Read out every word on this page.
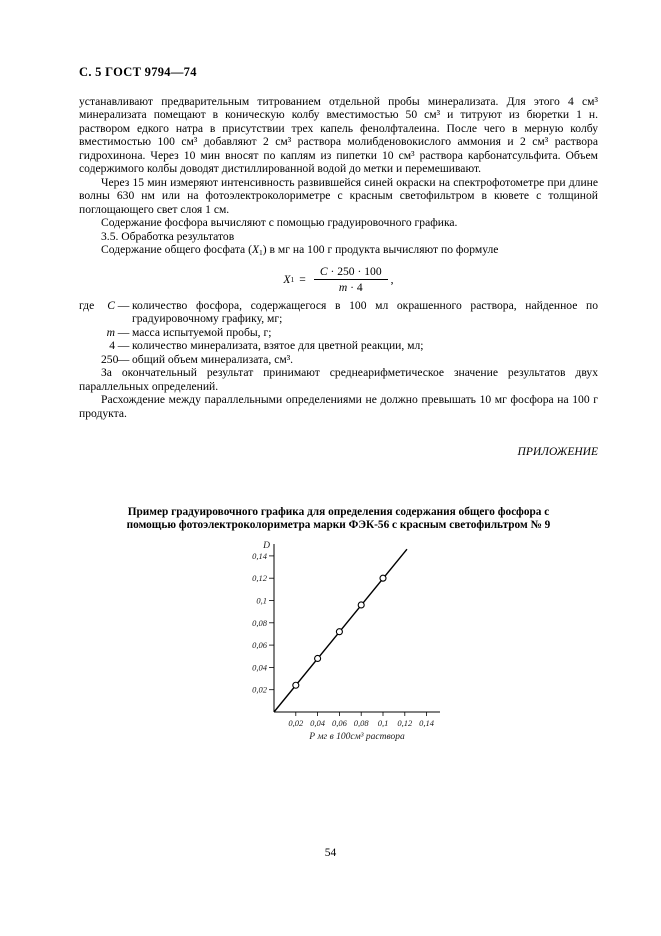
С. 5 ГОСТ 9794—74

устанавливают предварительным титрованием отдельной пробы минерализата. Для этого 4 см³ минерализата помещают в коническую колбу вместимостью 50 см³ и титруют из бюретки 1 н. раствором едкого натра в присутствии трех капель фенолфталеина. После чего в мерную колбу вместимостью 100 см³ добавляют 2 см³ раствора молибденовокислого аммония и 2 см³ раствора гидрохинона. Через 10 мин вносят по каплям из пипетки 10 см³ раствора карбонатсульфита. Объем содержимого колбы доводят дистиллированной водой до метки и перемешивают.

Через 15 мин измеряют интенсивность развившейся синей окраски на спектрофотометре при длине волны 630 нм или на фотоэлектроколориметре с красным светофильтром в кювете с толщиной поглощающего свет слоя 1 см.

Содержание фосфора вычисляют с помощью градуировочного графика.

3.5. Обработка результатов

Содержание общего фосфата $(X_1)$ в мг на 100 г продукта вычисляют по формуле

X $1 = \frac{C \cdot 250 \cdot 100}{m \cdot 4}$ ,
где	С — количество фосфора, содержащегося в 100 мл окрашенного раствора, найденное по градуировочному графику, мг;
m — масса испытуемой пробы, г;
4 — количество минерализата, взятое для цветной реакции, мл;
250 — общий объем минерализата, см³.

За окончательный результат принимают среднеарифметическое значение результатов двух параллельных определений.

Расхождение между параллельными определениями не должно превышать 10 мг фосфора на 100 г продукта.

ПРИЛОЖЕНИЕ
Пример градуировочного графика для определения содержания общего фосфора с помощью фотоэлектроколориметра марки ФЭК-56 с красным светофильтром № 9
0,02
0,04
0,06
0,08
0,1
0,12
0,14
0,02 0,04 0,06 0,08 0,1 0,12 0,14
D
Р мг в 100см³ раствора
54
